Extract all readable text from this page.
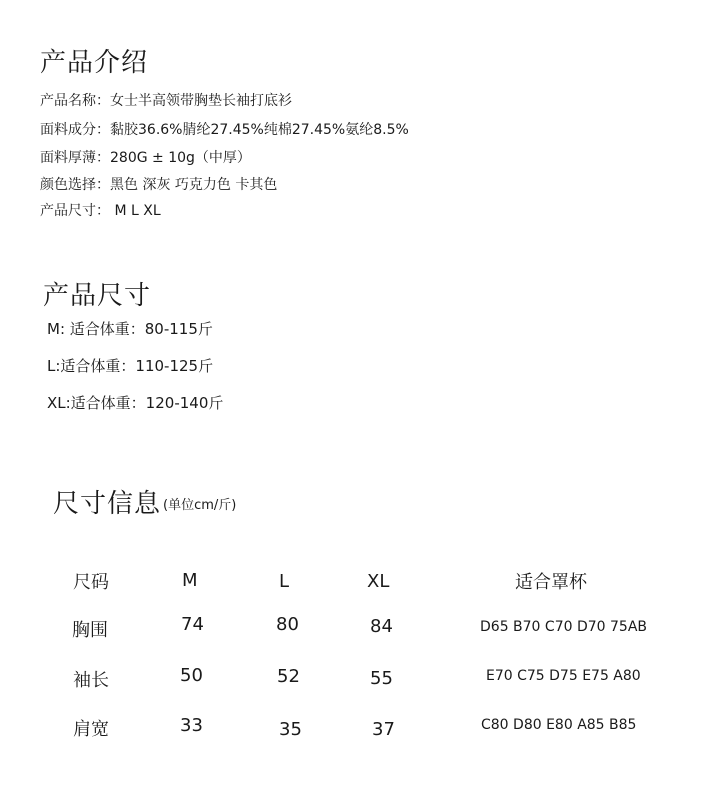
产品介绍
产品名称：女士半高领带胸垫长袖打底衫
面料成分：黏胶36.6%腈纶27.45%纯棉27.45%氨纶8.5%
面料厚薄：280G ± 10g（中厚）
颜色选择：黑色 深灰 巧克力色 卡其色
产品尺寸： M L XL
产品尺寸
M: 适合体重：80-115斤
L:适合体重：110-125斤
XL:适合体重：120-140斤
尺寸信息 (单位cm/斤)
尺码	M	L	XL	适合罩杯
胸围	74	80	84	D65 B70 C70 D70 75AB
袖长	50	52	55	E70 C75 D75 E75 A80
肩宽	33	35	37	C80 D80 E80 A85 B85
